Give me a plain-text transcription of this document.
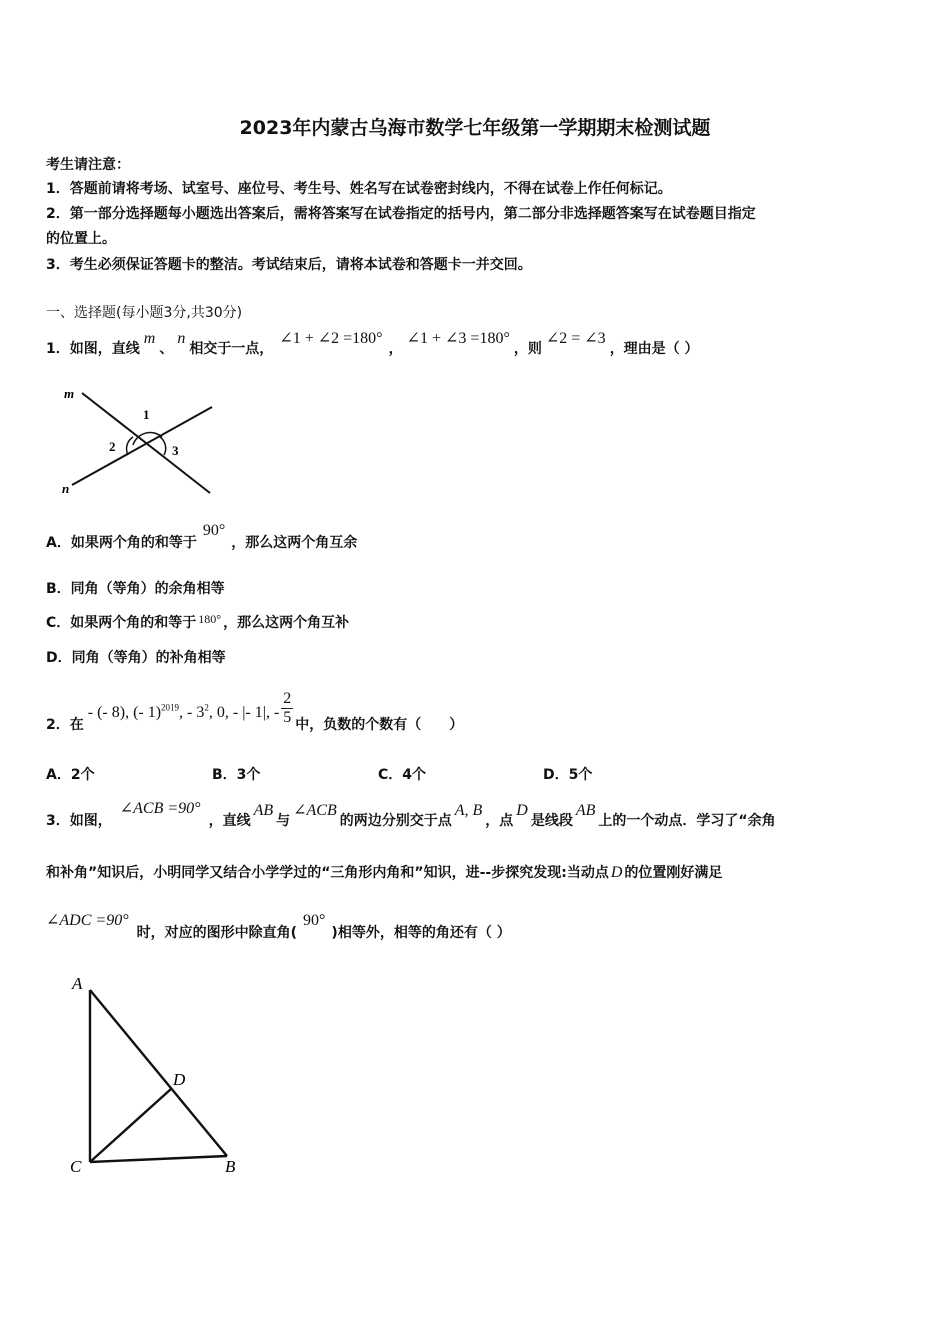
2023年内蒙古乌海市数学七年级第一学期期末检测试题
考生请注意：
1．答题前请将考场、试室号、座位号、考生号、姓名写在试卷密封线内，不得在试卷上作任何标记。
2．第一部分选择题每小题选出答案后，需将答案写在试卷指定的括号内，第二部分非选择题答案写在试卷题目指定
的位置上。
3．考生必须保证答题卡的整洁。考试结束后，请将本试卷和答题卡一并交回。
一、选择题(每小题3分,共30分)
1．如图，直线m、n相交于一点，∠1 + ∠2 =180°，∠1 + ∠3 =180°，则∠2 = ∠3，理由是（ ）
m
n
1
2	3
A．如果两个角的和等于90°，那么这两个角互余
B．同角（等角）的余角相等
C．如果两个角的和等于 180° ，那么这两个角互补
D．同角（等角）的补角相等
2．在- (- 8), (- 1)$^{2019}$, - $3^2$, 0, - |- 1|, - $\frac{2}{5}$ 中，负数的个数有（　　）
A．2个	B．3个	C．4个	D．5个
3．如图，∠ACB =90°，直线AB与∠ACB的两边分别交于点A, B，点D是线段AB上的一个动点．学习了“余角
和补角”知识后，小明同学又结合小学学过的“三角形内角和”知识，进--步探究发现:当动点 D 的位置刚好满足
∠ADC =90°时，对应的图形中除直角(90°)相等外，相等的角还有（ ）
A
C	B
D
